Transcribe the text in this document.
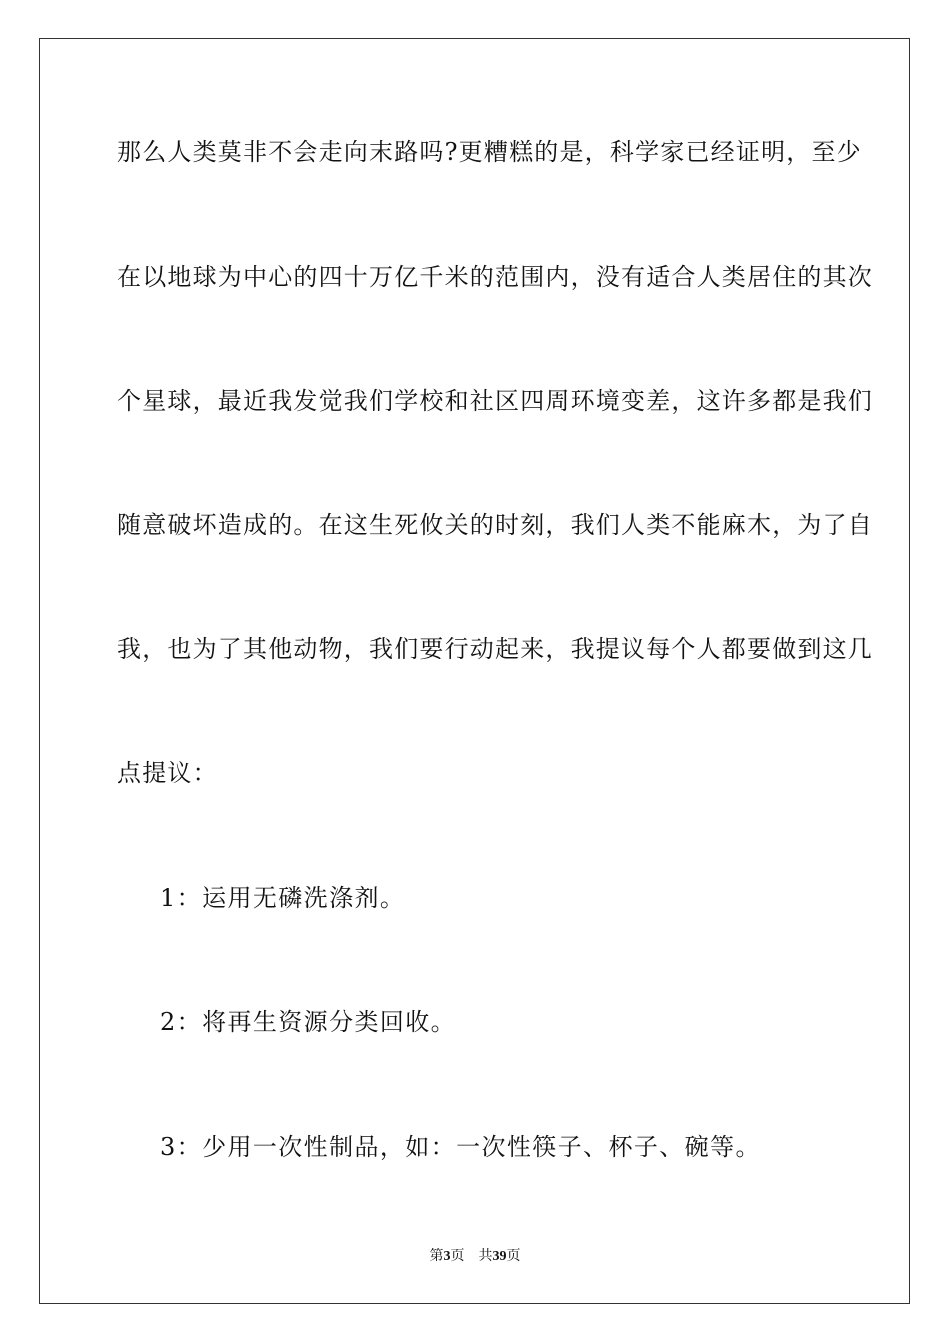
那么人类莫非不会走向末路吗?更糟糕的是，科学家已经证明，至少
在以地球为中心的四十万亿千米的范围内，没有适合人类居住的其次
个星球，最近我发觉我们学校和社区四周环境变差，这许多都是我们
随意破坏造成的。在这生死攸关的时刻，我们人类不能麻木，为了自
我，也为了其他动物，我们要行动起来，我提议每个人都要做到这几
点提议：
1：运用无磷洗涤剂。
2：将再生资源分类回收。
3：少用一次性制品，如：一次性筷子、杯子、碗等。
第3页 共39页
